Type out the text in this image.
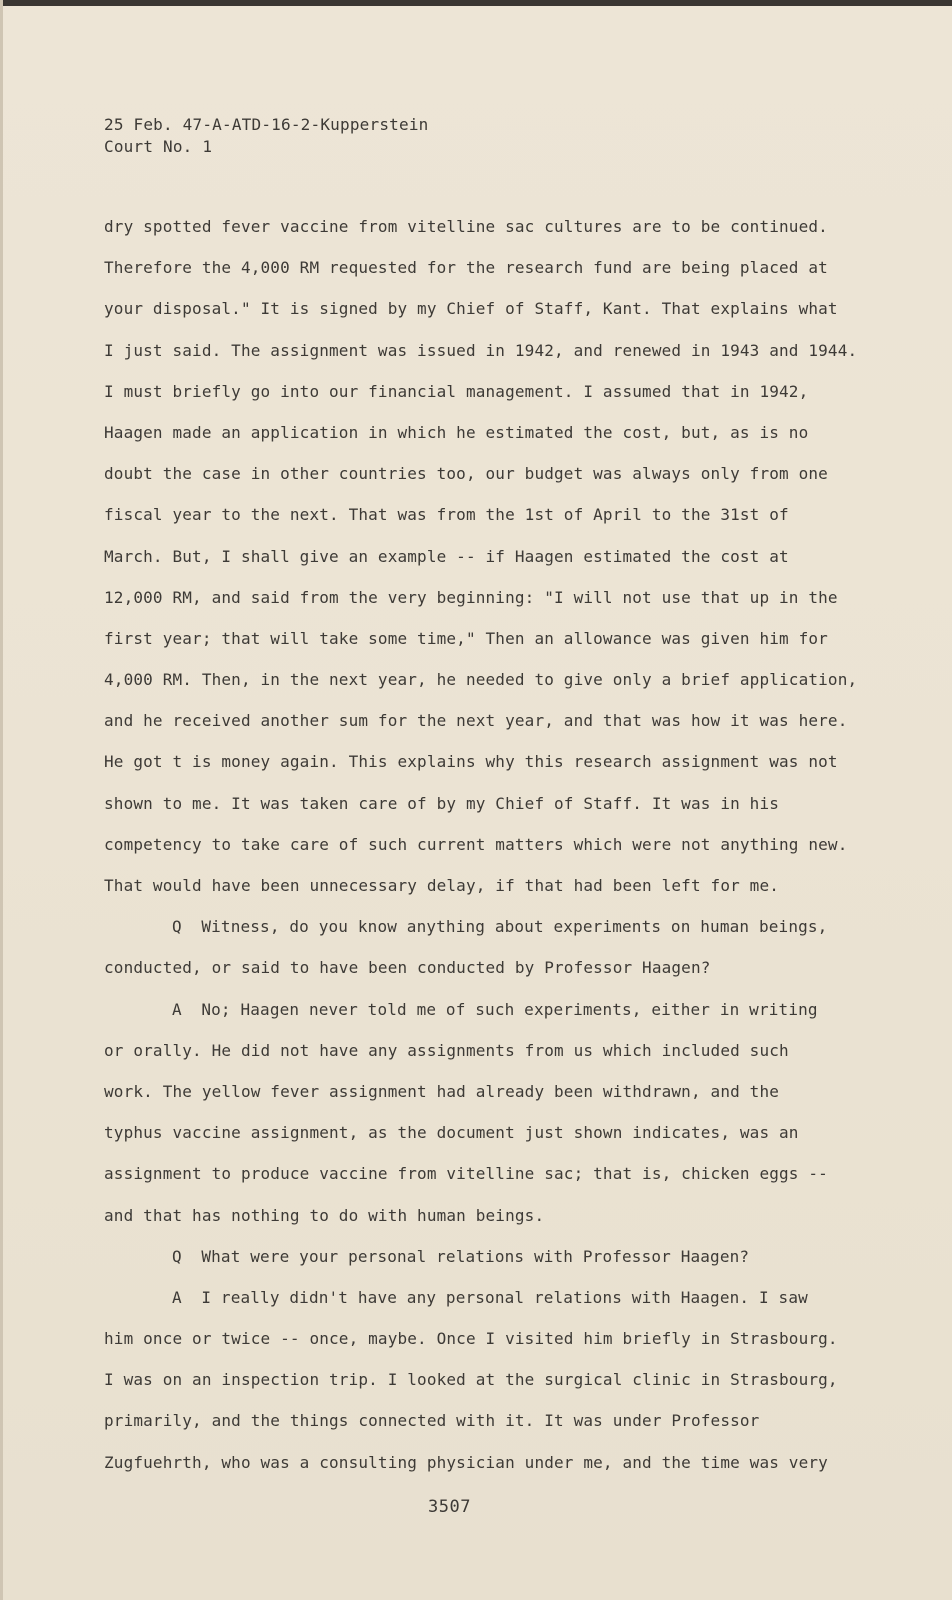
25 Feb. 47-A-ATD-16-2-Kupperstein
Court No. 1
dry spotted fever vaccine from vitelline sac cultures are to be continued.
Therefore the 4,000 RM requested for the research fund are being placed at
your disposal." It is signed by my Chief of Staff, Kant. That explains what
I just said. The assignment was issued in 1942, and renewed in 1943 and 1944.
I must briefly go into our financial management. I assumed that in 1942,
Haagen made an application in which he estimated the cost, but, as is no
doubt the case in other countries too, our budget was always only from one
fiscal year to the next. That was from the 1st of April to the 31st of
March. But, I shall give an example -- if Haagen estimated the cost at
12,000 RM, and said from the very beginning: "I will not use that up in the
first year; that will take some time," Then an allowance was given him for
4,000 RM. Then, in the next year, he needed to give only a brief application,
and he received another sum for the next year, and that was how it was here.
He got t is money again. This explains why this research assignment was not
shown to me. It was taken care of by my Chief of Staff. It was in his
competency to take care of such current matters which were not anything new.
That would have been unnecessary delay, if that had been left for me.
Q  Witness, do you know anything about experiments on human beings,
conducted, or said to have been conducted by Professor Haagen?
A  No; Haagen never told me of such experiments, either in writing
or orally. He did not have any assignments from us which included such
work. The yellow fever assignment had already been withdrawn, and the
typhus vaccine assignment, as the document just shown indicates, was an
assignment to produce vaccine from vitelline sac; that is, chicken eggs --
and that has nothing to do with human beings.
Q  What were your personal relations with Professor Haagen?
A  I really didn't have any personal relations with Haagen. I saw
him once or twice -- once, maybe. Once I visited him briefly in Strasbourg.
I was on an inspection trip. I looked at the surgical clinic in Strasbourg,
primarily, and the things connected with it. It was under Professor
Zugfuehrth, who was a consulting physician under me, and the time was very
3507
